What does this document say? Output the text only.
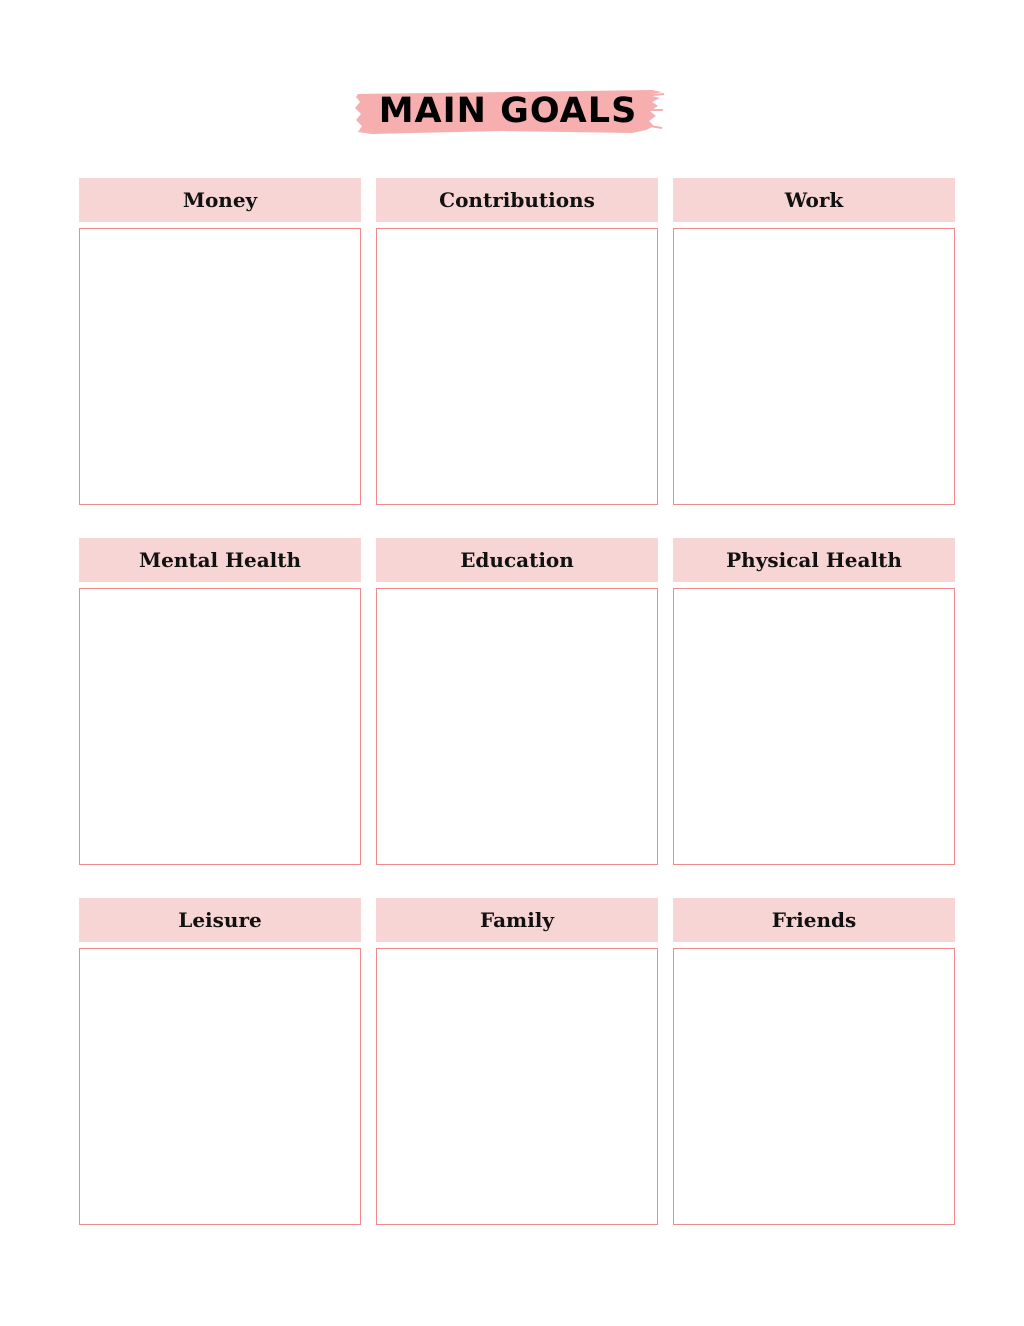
MAIN GOALS
Money	Contributions	Work
Mental Health	Education	Physical Health
Leisure	Family	Friends
